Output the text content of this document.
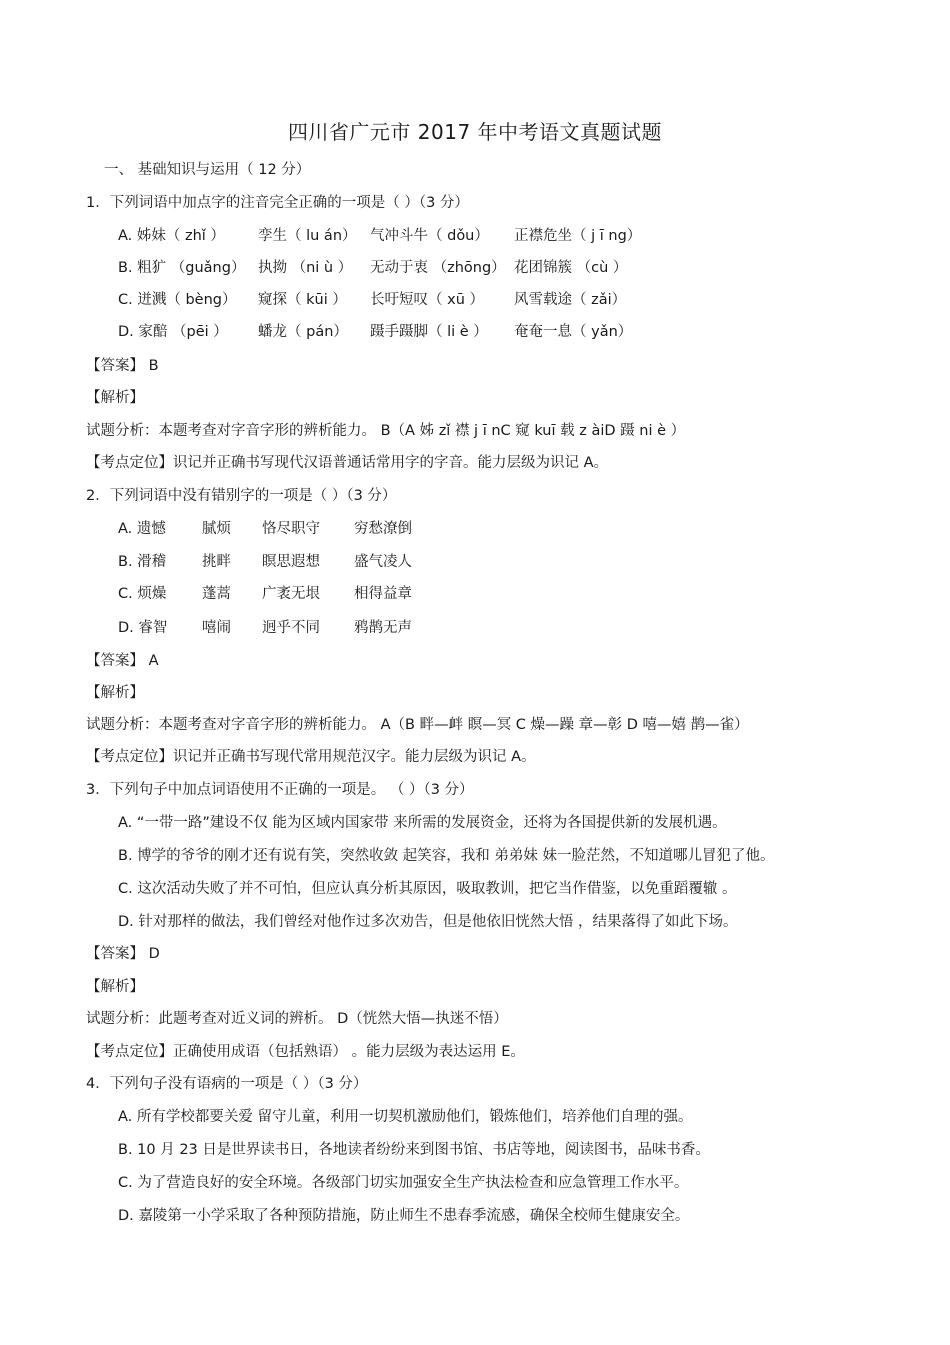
四川省广元市 2017 年中考语文真题试题
一、 基础知识与运用（ 12 分）
1．下列词语中加点字的注音完全正确的一项是（ ）（3 分）
A. 姊妹（ zhǐ ） 孪生（ lu án） 气冲斗牛（ dǒu） 正襟危坐（ j ī ng）
B. 粗犷 （guǎng） 执拗 （ni ù ） 无动于衷 （zhōng） 花团锦簇 （cù ）
C. 迸溅（ bèng） 窥探（ kūi ） 长吁短叹（ xū ） 风雪载途（ zǎi）
D. 家醅 （pēi ） 蟠龙（ pán） 蹑手蹑脚（ li è ） 奄奄一息（ yǎn）
【答案】 B
【解析】
试题分析：本题考查对字音字形的辨析能力。 B（A 姊 zǐ 襟 j ī nC 窥 kuī 载 z àiD 蹑 ni è ）
【考点定位】识记并正确书写现代汉语普通话常用字的字音。能力层级为识记 A。
2．下列词语中没有错别字的一项是（ ）（3 分）
A. 遗憾 腻烦 恪尽职守 穷愁潦倒
B. 滑稽 挑畔 瞑思遐想 盛气凌人
C. 烦燥 蓬蒿 广袤无垠 相得益章
D. 睿智 嘻闹 迥乎不同 鸦鹊无声
【答案】 A
【解析】
试题分析：本题考查对字音字形的辨析能力。 A（B 畔—衅 瞑—冥 C 燥—躁 章—彰 D 嘻—嬉 鹊—雀）
【考点定位】识记并正确书写现代常用规范汉字。能力层级为识记 A。
3．下列句子中加点词语使用不正确的一项是。 （ ）（3 分）
A. “一带一路”建设不仅 能为区域内国家带 来所需的发展资金，还将为各国提供新的发展机遇。
B. 博学的爷爷的刚才还有说有笑，突然收敛 起笑容，我和 弟弟妹 妹一脸茫然，不知道哪儿冒犯了他。
C. 这次活动失败了并不可怕，但应认真分析其原因，吸取教训，把它当作借鉴，以免重蹈覆辙 。
D. 针对那样的做法，我们曾经对他作过多次劝告，但是他依旧恍然大悟 ，结果落得了如此下场。
【答案】 D
【解析】
试题分析：此题考查对近义词的辨析。 D（恍然大悟—执迷不悟）
【考点定位】正确使用成语（包括熟语） 。能力层级为表达运用 E。
4．下列句子没有语病的一项是（ ）（3 分）
A. 所有学校都要关爱 留守儿童，利用一切契机激励他们，锻炼他们，培养他们自理的强。
B. 10 月 23 日是世界读书日，各地读者纷纷来到图书馆、书店等地，阅读图书，品味书香。
C. 为了营造良好的安全环境。各级部门切实加强安全生产执法检查和应急管理工作水平。
D. 嘉陵第一小学采取了各种预防措施，防止师生不患春季流感，确保全校师生健康安全。
